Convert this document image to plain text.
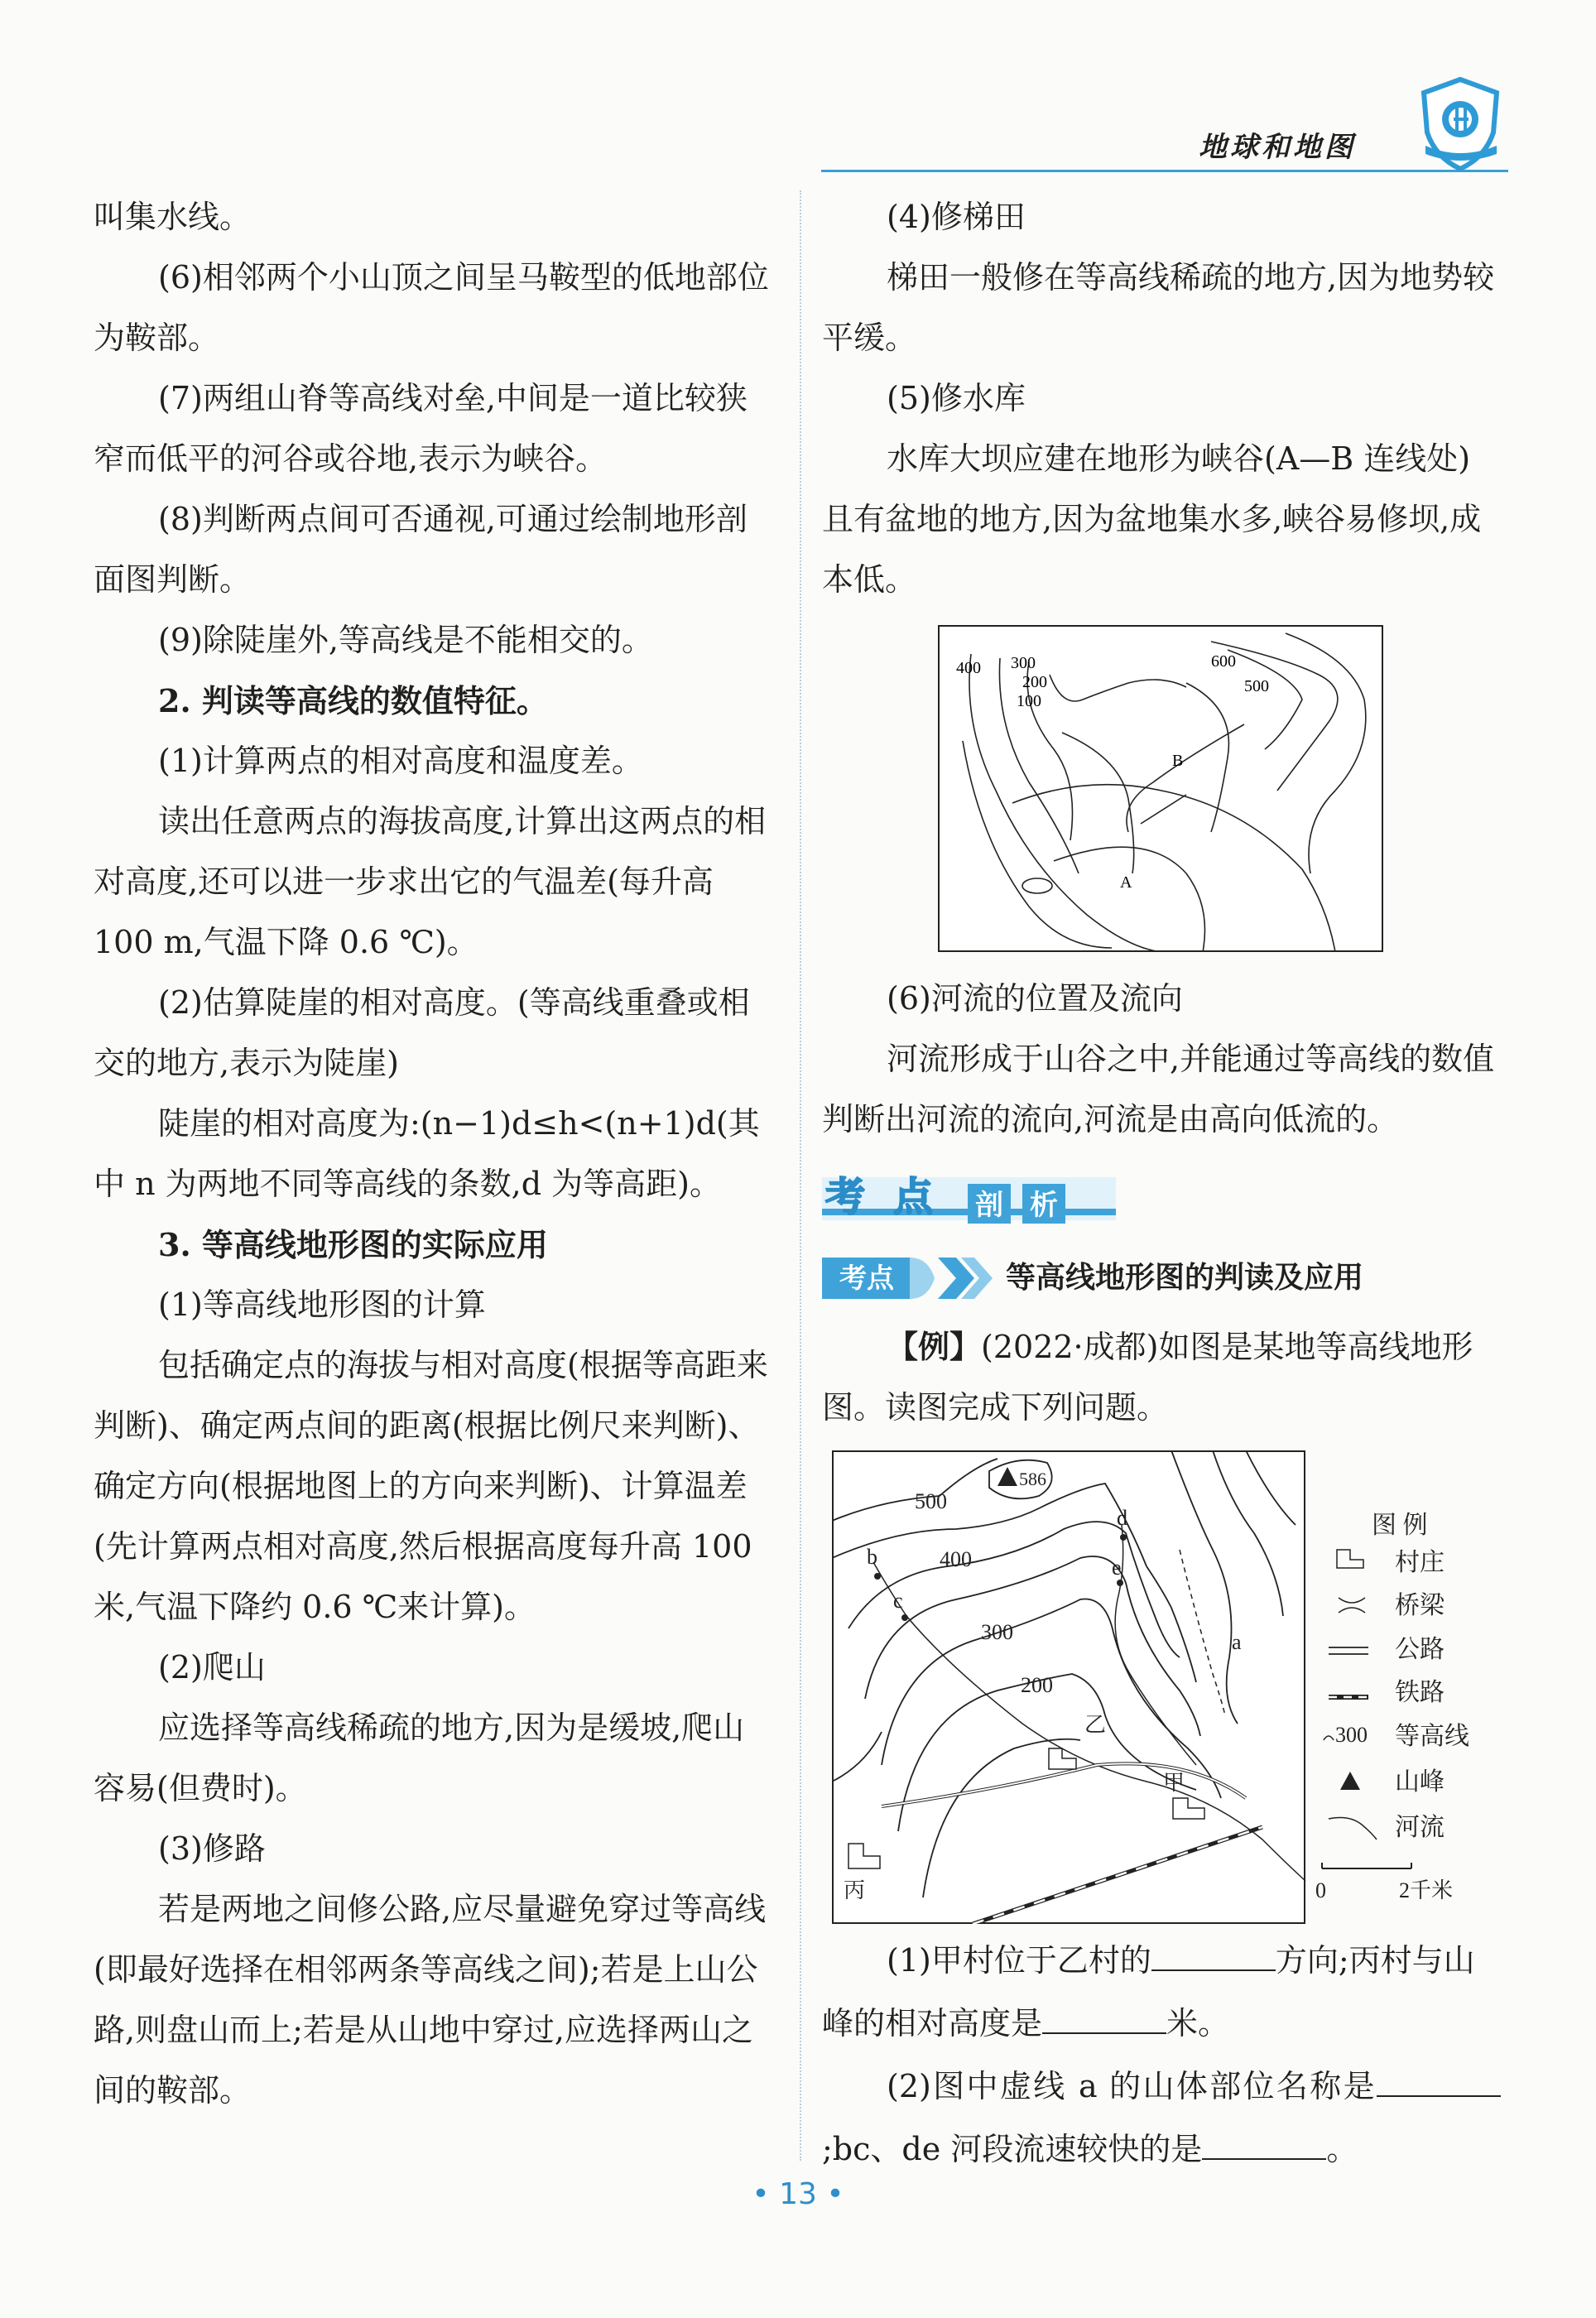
地球和地图

叫集水线。

(6)相邻两个小山顶之间呈马鞍型的低地部位为鞍部。

(7)两组山脊等高线对垒,中间是一道比较狭窄而低平的河谷或谷地,表示为峡谷。

(8)判断两点间可否通视,可通过绘制地形剖面图判断。

(9)除陡崖外,等高线是不能相交的。

2. 判读等高线的数值特征。

(1)计算两点的相对高度和温度差。

读出任意两点的海拔高度,计算出这两点的相对高度,还可以进一步求出它的气温差(每升高 100 m,气温下降 0.6 ℃)。

(2)估算陡崖的相对高度。(等高线重叠或相交的地方,表示为陡崖)

陡崖的相对高度为:(n−1)d≤h<(n+1)d(其中 n 为两地不同等高线的条数,d 为等高距)。

3. 等高线地形图的实际应用

(1)等高线地形图的计算

包括确定点的海拔与相对高度(根据等高距来判断)、确定两点间的距离(根据比例尺来判断)、确定方向(根据地图上的方向来判断)、计算温差(先计算两点相对高度,然后根据高度每升高 100 米,气温下降约 0.6 ℃来计算)。

(2)爬山

应选择等高线稀疏的地方,因为是缓坡,爬山容易(但费时)。

(3)修路

若是两地之间修公路,应尽量避免穿过等高线(即最好选择在相邻两条等高线之间);若是上山公路,则盘山而上;若是从山地中穿过,应选择两山之间的鞍部。

(4)修梯田

梯田一般修在等高线稀疏的地方,因为地势较平缓。

(5)修水库

水库大坝应建在地形为峡谷(A—B 连线处)且有盆地的地方,因为盆地集水多,峡谷易修坝,成本低。

400 300
200
100
600
500
B
A

(6)河流的位置及流向

河流形成于山谷之中,并能通过等高线的数值判断出河流的流向,河流是由高向低流的。

考 点 剖 析
考点	等高线地形图的判读及应用

【例】(2022·成都)如图是某地等高线地形图。读图完成下列问题。

500
400
300
200
586
b
c
d
e
a
乙
甲
丙
图 例
村庄
桥梁
公路
铁路
300 等高线
山峰
河流
0	2千米

(1)甲村位于乙村的	方向;丙村与山峰的相对高度是	米。

(2)图中虚线 a 的山体部位名称是;bc、de 河段流速较快的是	。

• 13 •
